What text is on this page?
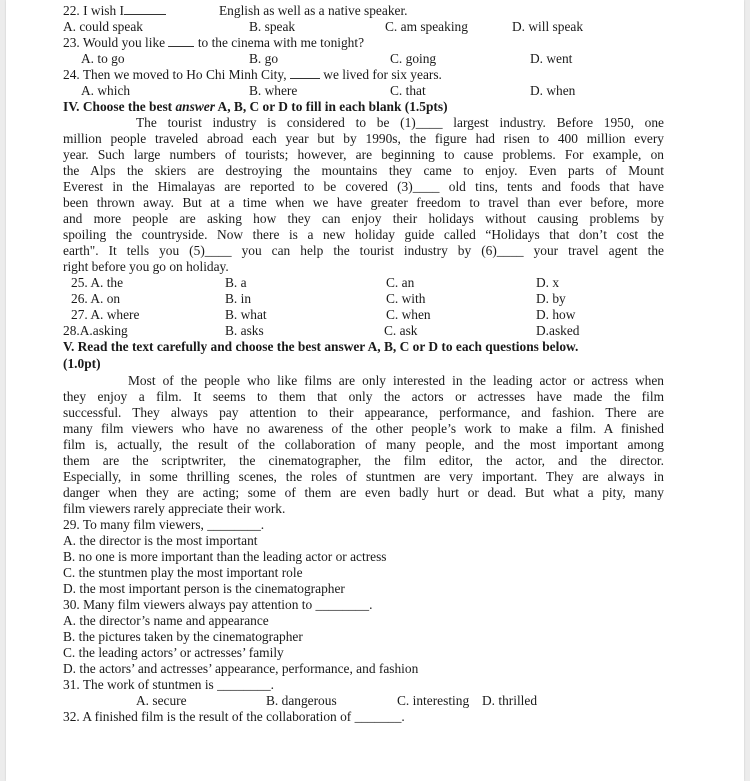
22. I wish I	English as well as a native speaker.
A. could speak	B. speak	C. am speaking	D. will speak
23. Would you like to the cinema with me tonight?
A. to go	B. go	C. going	D. went
24. Then we moved to Ho Chi Minh City,	we lived for six years.
A. which	B. where	C. that	D. when
IV. Choose the best answer A, B, C or D to fill in each blank (1.5pts)
The tourist industry is considered to be (1)____ largest industry. Before 1950, one
million people traveled abroad each year but by 1990s, the figure had risen to 400 million every
year. Such large numbers of tourists; however, are beginning to cause problems. For example, on
the Alps the skiers are destroying the mountains they came to enjoy. Even parts of Mount
Everest in the Himalayas are reported to be covered (3)____ old tins, tents and foods that have
been thrown away. But at a time when we have greater freedom to travel than ever before, more
and more people are asking how they can enjoy their holidays without causing problems by
spoiling the countryside. Now there is a new holiday guide called “Holidays that don’t cost the
earth". It tells you (5)____ you can help the tourist industry by (6)____ your travel agent the
right before you go on holiday.
25. A. the	B. a	C. an	D. x
26. A. on	B. in	C. with	D. by
27. A. where	B. what	C. when	D. how
28.A.asking	B. asks	C. ask	D.asked
V. Read the text carefully and choose the best answer A, B, C or D to each questions below.
(1.0pt)
Most of the people who like films are only interested in the leading actor or actress when
they enjoy a film. It seems to them that only the actors or actresses have made the film
successful. They always pay attention to their appearance, performance, and fashion. There are
many film viewers who have no awareness of the other people’s work to make a film. A finished
film is, actually, the result of the collaboration of many people, and the most important among
them are the scriptwriter, the cinematographer, the film editor, the actor, and the director.
Especially, in some thrilling scenes, the roles of stuntmen are very important. They are always in
danger when they are acting; some of them are even badly hurt or dead. But what a pity, many
film viewers rarely appreciate their work.
29. To many film viewers, ________.
A. the director is the most important
B. no one is more important than the leading actor or actress
C. the stuntmen play the most important role
D. the most important person is the cinematographer
30. Many film viewers always pay attention to ________.
A. the director’s name and appearance
B. the pictures taken by the cinematographer
C. the leading actors’ or actresses’ family
D. the actors’ and actresses’ appearance, performance, and fashion
31. The work of stuntmen is ________.
A. secure	B. dangerous	C. interesting D. thrilled
32. A finished film is the result of the collaboration of _______.
